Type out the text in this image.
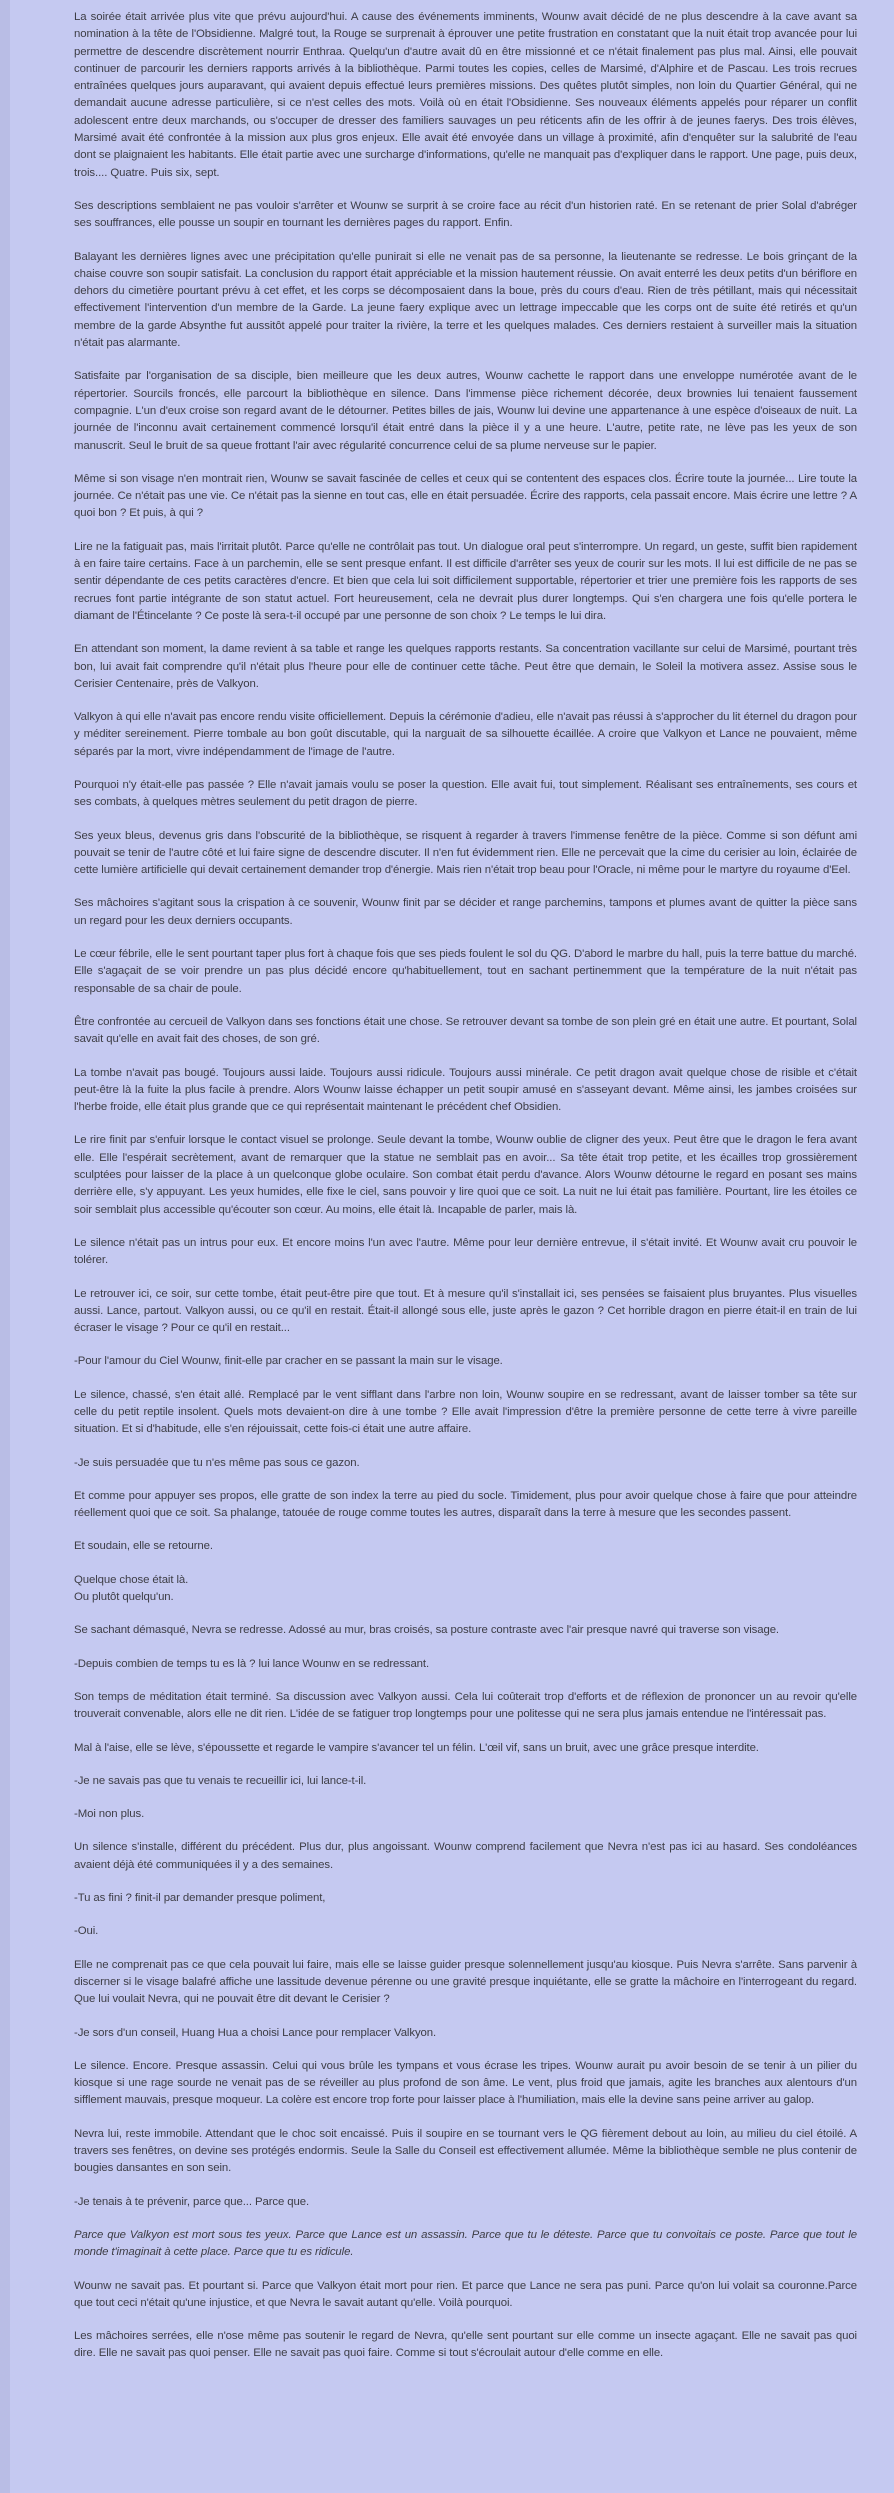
La soirée était arrivée plus vite que prévu aujourd'hui. A cause des événements imminents, Wounw avait décidé de ne plus descendre à la cave avant sa nomination à la tête de l'Obsidienne. Malgré tout, la Rouge se surprenait à éprouver une petite frustration en constatant que la nuit était trop avancée pour lui permettre de descendre discrètement nourrir Enthraa. Quelqu'un d'autre avait dû en être missionné et ce n'était finalement pas plus mal. Ainsi, elle pouvait continuer de parcourir les derniers rapports arrivés à la bibliothèque. Parmi toutes les copies, celles de Marsimé, d'Alphire et de Pascau. Les trois recrues entraînées quelques jours auparavant, qui avaient depuis effectué leurs premières missions. Des quêtes plutôt simples, non loin du Quartier Général, qui ne demandait aucune adresse particulière, si ce n'est celles des mots. Voilà où en était l'Obsidienne. Ses nouveaux éléments appelés pour réparer un conflit adolescent entre deux marchands, ou s'occuper de dresser des familiers sauvages un peu réticents afin de les offrir à de jeunes faerys. Des trois élèves, Marsimé avait été confrontée à la mission aux plus gros enjeux. Elle avait été envoyée dans un village à proximité, afin d'enquêter sur la salubrité de l'eau dont se plaignaient les habitants. Elle était partie avec une surcharge d'informations, qu'elle ne manquait pas d'expliquer dans le rapport. Une page, puis deux, trois.... Quatre. Puis six, sept.

Ses descriptions semblaient ne pas vouloir s'arrêter et Wounw se surprit à se croire face au récit d'un historien raté. En se retenant de prier Solal d'abréger ses souffrances, elle pousse un soupir en tournant les dernières pages du rapport. Enfin.

Balayant les dernières lignes avec une précipitation qu'elle punirait si elle ne venait pas de sa personne, la lieutenante se redresse. Le bois grinçant de la chaise couvre son soupir satisfait. La conclusion du rapport était appréciable et la mission hautement réussie. On avait enterré les deux petits d'un bériflore en dehors du cimetière pourtant prévu à cet effet, et les corps se décomposaient dans la boue, près du cours d'eau. Rien de très pétillant, mais qui nécessitait effectivement l'intervention d'un membre de la Garde. La jeune faery explique avec un lettrage impeccable que les corps ont de suite été retirés et qu'un membre de la garde Absynthe fut aussitôt appelé pour traiter la rivière, la terre et les quelques malades. Ces derniers restaient à surveiller mais la situation n'était pas alarmante.

Satisfaite par l'organisation de sa disciple, bien meilleure que les deux autres, Wounw cachette le rapport dans une enveloppe numérotée avant de le répertorier. Sourcils froncés, elle parcourt la bibliothèque en silence. Dans l'immense pièce richement décorée, deux brownies lui tenaient faussement compagnie. L'un d'eux croise son regard avant de le détourner. Petites billes de jais, Wounw lui devine une appartenance à une espèce d'oiseaux de nuit. La journée de l'inconnu avait certainement commencé lorsqu'il était entré dans la pièce il y a une heure. L'autre, petite rate, ne lève pas les yeux de son manuscrit. Seul le bruit de sa queue frottant l'air avec régularité concurrence celui de sa plume nerveuse sur le papier.

Même si son visage n'en montrait rien, Wounw se savait fascinée de celles et ceux qui se contentent des espaces clos. Écrire toute la journée... Lire toute la journée. Ce n'était pas une vie. Ce n'était pas la sienne en tout cas, elle en était persuadée. Écrire des rapports, cela passait encore. Mais écrire une lettre ? A quoi bon ? Et puis, à qui ?

Lire ne la fatiguait pas, mais l'irritait plutôt. Parce qu'elle ne contrôlait pas tout. Un dialogue oral peut s'interrompre. Un regard, un geste, suffit bien rapidement à en faire taire certains. Face à un parchemin, elle se sent presque enfant. Il est difficile d'arrêter ses yeux de courir sur les mots. Il lui est difficile de ne pas se sentir dépendante de ces petits caractères d'encre. Et bien que cela lui soit difficilement supportable, répertorier et trier une première fois les rapports de ses recrues font partie intégrante de son statut actuel. Fort heureusement, cela ne devrait plus durer longtemps. Qui s'en chargera une fois qu'elle portera le diamant de l'Étincelante ? Ce poste là sera-t-il occupé par une personne de son choix ? Le temps le lui dira.

En attendant son moment, la dame revient à sa table et range les quelques rapports restants. Sa concentration vacillante sur celui de Marsimé, pourtant très bon, lui avait fait comprendre qu'il n'était plus l'heure pour elle de continuer cette tâche. Peut être que demain, le Soleil la motivera assez. Assise sous le Cerisier Centenaire, près de Valkyon.

Valkyon à qui elle n'avait pas encore rendu visite officiellement. Depuis la cérémonie d'adieu, elle n'avait pas réussi à s'approcher du lit éternel du dragon pour y méditer sereinement. Pierre tombale au bon goût discutable, qui la narguait de sa silhouette écaillée. A croire que Valkyon et Lance ne pouvaient, même séparés par la mort, vivre indépendamment de l'image de l'autre.

Pourquoi n'y était-elle pas passée ? Elle n'avait jamais voulu se poser la question. Elle avait fui, tout simplement. Réalisant ses entraînements, ses cours et ses combats, à quelques mètres seulement du petit dragon de pierre.

Ses yeux bleus, devenus gris dans l'obscurité de la bibliothèque, se risquent à regarder à travers l'immense fenêtre de la pièce. Comme si son défunt ami pouvait se tenir de l'autre côté et lui faire signe de descendre discuter. Il n'en fut évidemment rien. Elle ne percevait que la cime du cerisier au loin, éclairée de cette lumière artificielle qui devait certainement demander trop d'énergie. Mais rien n'était trop beau pour l'Oracle, ni même pour le martyre du royaume d'Eel.

Ses mâchoires s'agitant sous la crispation à ce souvenir, Wounw finit par se décider et range parchemins, tampons et plumes avant de quitter la pièce sans un regard pour les deux derniers occupants.

Le cœur fébrile, elle le sent pourtant taper plus fort à chaque fois que ses pieds foulent le sol du QG. D'abord le marbre du hall, puis la terre battue du marché. Elle s'agaçait de se voir prendre un pas plus décidé encore qu'habituellement, tout en sachant pertinemment que la température de la nuit n'était pas responsable de sa chair de poule.

Être confrontée au cercueil de Valkyon dans ses fonctions était une chose. Se retrouver devant sa tombe de son plein gré en était une autre. Et pourtant, Solal savait qu'elle en avait fait des choses, de son gré.

La tombe n'avait pas bougé. Toujours aussi laide. Toujours aussi ridicule. Toujours aussi minérale. Ce petit dragon avait quelque chose de risible et c'était peut-être là la fuite la plus facile à prendre. Alors Wounw laisse échapper un petit soupir amusé en s'asseyant devant. Même ainsi, les jambes croisées sur l'herbe froide, elle était plus grande que ce qui représentait maintenant le précédent chef Obsidien.

Le rire finit par s'enfuir lorsque le contact visuel se prolonge. Seule devant la tombe, Wounw oublie de cligner des yeux. Peut être que le dragon le fera avant elle. Elle l'espérait secrètement, avant de remarquer que la statue ne semblait pas en avoir... Sa tête était trop petite, et les écailles trop grossièrement sculptées pour laisser de la place à un quelconque globe oculaire. Son combat était perdu d'avance. Alors Wounw détourne le regard en posant ses mains derrière elle, s'y appuyant. Les yeux humides, elle fixe le ciel, sans pouvoir y lire quoi que ce soit. La nuit ne lui était pas familière. Pourtant, lire les étoiles ce soir semblait plus accessible qu'écouter son cœur. Au moins, elle était là. Incapable de parler, mais là.

Le silence n'était pas un intrus pour eux. Et encore moins l'un avec l'autre. Même pour leur dernière entrevue, il s'était invité. Et Wounw avait cru pouvoir le tolérer.

Le retrouver ici, ce soir, sur cette tombe, était peut-être pire que tout. Et à mesure qu'il s'installait ici, ses pensées se faisaient plus bruyantes. Plus visuelles aussi. Lance, partout. Valkyon aussi, ou ce qu'il en restait. Était-il allongé sous elle, juste après le gazon ? Cet horrible dragon en pierre était-il en train de lui écraser le visage ? Pour ce qu'il en restait...

-Pour l'amour du Ciel Wounw, finit-elle par cracher en se passant la main sur le visage.

Le silence, chassé, s'en était allé. Remplacé par le vent sifflant dans l'arbre non loin, Wounw soupire en se redressant, avant de laisser tomber sa tête sur celle du petit reptile insolent. Quels mots devaient-on dire à une tombe ? Elle avait l'impression d'être la première personne de cette terre à vivre pareille situation. Et si d'habitude, elle s'en réjouissait, cette fois-ci était une autre affaire.

-Je suis persuadée que tu n'es même pas sous ce gazon.

Et comme pour appuyer ses propos, elle gratte de son index la terre au pied du socle. Timidement, plus pour avoir quelque chose à faire que pour atteindre réellement quoi que ce soit. Sa phalange, tatouée de rouge comme toutes les autres, disparaît dans la terre à mesure que les secondes passent.

Et soudain, elle se retourne.

Quelque chose était là.
Ou plutôt quelqu'un.

Se sachant démasqué, Nevra se redresse. Adossé au mur, bras croisés, sa posture contraste avec l'air presque navré qui traverse son visage.

-Depuis combien de temps tu es là ? lui lance Wounw en se redressant.

Son temps de méditation était terminé. Sa discussion avec Valkyon aussi. Cela lui coûterait trop d'efforts et de réflexion de prononcer un au revoir qu'elle trouverait convenable, alors elle ne dit rien. L'idée de se fatiguer trop longtemps pour une politesse qui ne sera plus jamais entendue ne l'intéressait pas.

Mal à l'aise, elle se lève, s'époussette et regarde le vampire s'avancer tel un félin. L'œil vif, sans un bruit, avec une grâce presque interdite.

-Je ne savais pas que tu venais te recueillir ici, lui lance-t-il.

-Moi non plus.

Un silence s'installe, différent du précédent. Plus dur, plus angoissant. Wounw comprend facilement que Nevra n'est pas ici au hasard. Ses condoléances avaient déjà été communiquées il y a des semaines.

-Tu as fini ? finit-il par demander presque poliment,

-Oui.

Elle ne comprenait pas ce que cela pouvait lui faire, mais elle se laisse guider presque solennellement jusqu'au kiosque. Puis Nevra s'arrête. Sans parvenir à discerner si le visage balafré affiche une lassitude devenue pérenne ou une gravité presque inquiétante, elle se gratte la mâchoire en l'interrogeant du regard. Que lui voulait Nevra, qui ne pouvait être dit devant le Cerisier ?

-Je sors d'un conseil, Huang Hua a choisi Lance pour remplacer Valkyon.

Le silence. Encore. Presque assassin. Celui qui vous brûle les tympans et vous écrase les tripes. Wounw aurait pu avoir besoin de se tenir à un pilier du kiosque si une rage sourde ne venait pas de se réveiller au plus profond de son âme. Le vent, plus froid que jamais, agite les branches aux alentours d'un sifflement mauvais, presque moqueur. La colère est encore trop forte pour laisser place à l'humiliation, mais elle la devine sans peine arriver au galop.

Nevra lui, reste immobile. Attendant que le choc soit encaissé. Puis il soupire en se tournant vers le QG fièrement debout au loin, au milieu du ciel étoilé. A travers ses fenêtres, on devine ses protégés endormis. Seule la Salle du Conseil est effectivement allumée. Même la bibliothèque semble ne plus contenir de bougies dansantes en son sein.

-Je tenais à te prévenir, parce que... Parce que.

Parce que Valkyon est mort sous tes yeux. Parce que Lance est un assassin. Parce que tu le déteste. Parce que tu convoitais ce poste. Parce que tout le monde t'imaginait à cette place. Parce que tu es ridicule.

Wounw ne savait pas. Et pourtant si. Parce que Valkyon était mort pour rien. Et parce que Lance ne sera pas puni. Parce qu'on lui volait sa couronne.Parce que tout ceci n'était qu'une injustice, et que Nevra le savait autant qu'elle. Voilà pourquoi.

Les mâchoires serrées, elle n'ose même pas soutenir le regard de Nevra, qu'elle sent pourtant sur elle comme un insecte agaçant. Elle ne savait pas quoi dire. Elle ne savait pas quoi penser. Elle ne savait pas quoi faire. Comme si tout s'écroulait autour d'elle comme en elle.
